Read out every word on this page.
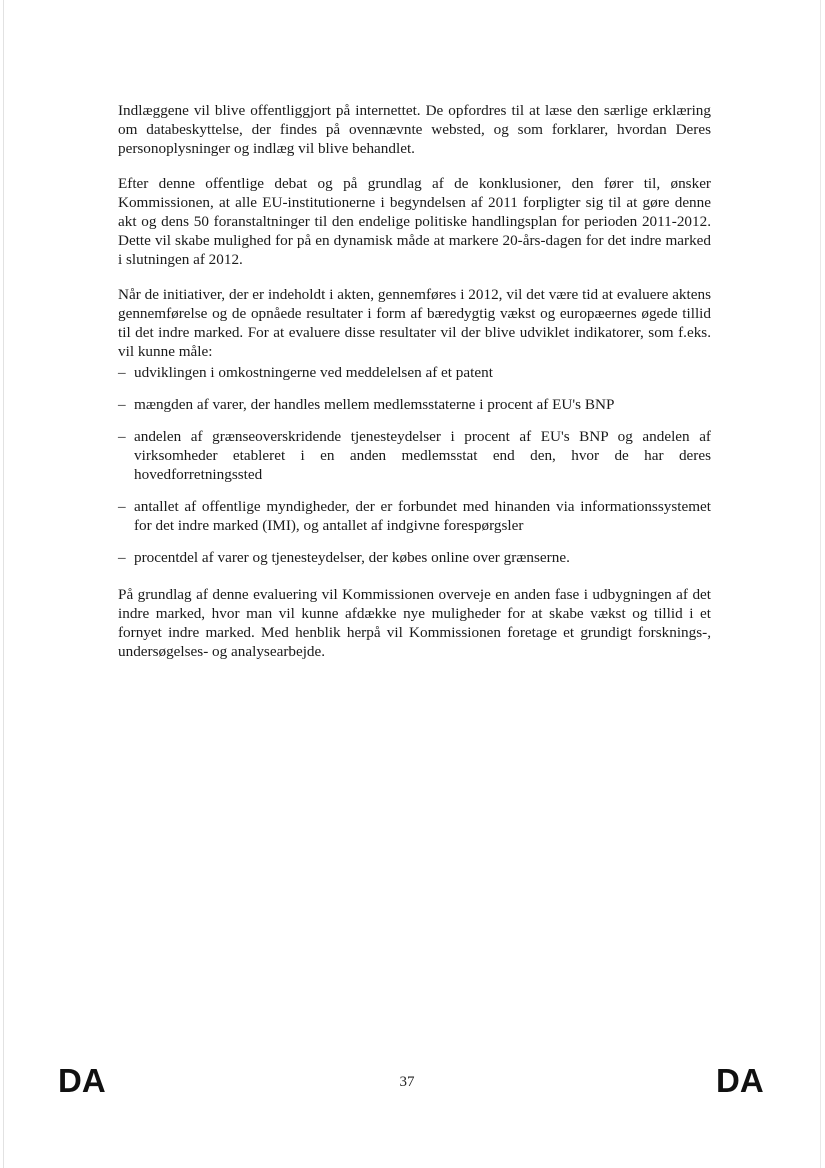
Indlæggene vil blive offentliggjort på internettet. De opfordres til at læse den særlige erklæring om databeskyttelse, der findes på ovennævnte websted, og som forklarer, hvordan Deres personoplysninger og indlæg vil blive behandlet.

Efter denne offentlige debat og på grundlag af de konklusioner, den fører til, ønsker Kommissionen, at alle EU-institutionerne i begyndelsen af 2011 forpligter sig til at gøre denne akt og dens 50 foranstaltninger til den endelige politiske handlingsplan for perioden 2011-2012. Dette vil skabe mulighed for på en dynamisk måde at markere 20-års-dagen for det indre marked i slutningen af 2012.

Når de initiativer, der er indeholdt i akten, gennemføres i 2012, vil det være tid at evaluere aktens gennemførelse og de opnåede resultater i form af bæredygtig vækst og europæernes øgede tillid til det indre marked. For at evaluere disse resultater vil der blive udviklet indikatorer, som f.eks. vil kunne måle:

– udviklingen i omkostningerne ved meddelelsen af et patent
– mængden af varer, der handles mellem medlemsstaterne i procent af EU's BNP
– andelen af grænseoverskridende tjenesteydelser i procent af EU's BNP og andelen af virksomheder etableret i en anden medlemsstat end den, hvor de har deres hovedforretningssted
– antallet af offentlige myndigheder, der er forbundet med hinanden via informationssystemet for det indre marked (IMI), og antallet af indgivne forespørgsler
– procentdel af varer og tjenesteydelser, der købes online over grænserne.

På grundlag af denne evaluering vil Kommissionen overveje en anden fase i udbygningen af det indre marked, hvor man vil kunne afdække nye muligheder for at skabe vækst og tillid i et fornyet indre marked. Med henblik herpå vil Kommissionen foretage et grundigt forsknings-, undersøgelses- og analysearbejde.

DA	37	DA
